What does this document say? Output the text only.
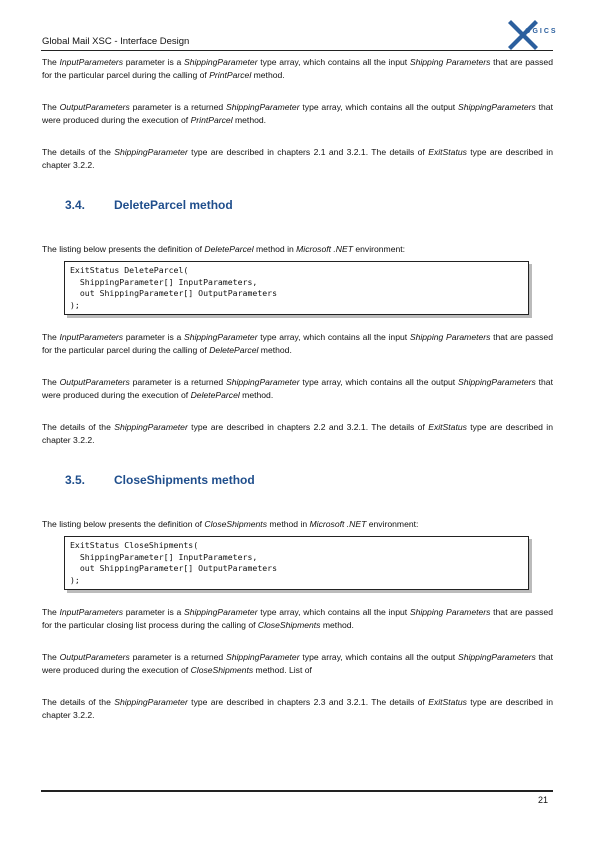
Global Mail XSC - Interface Design
OGICS
The InputParameters parameter is a ShippingParameter type array, which contains all the input Shipping Parameters that are passed for the particular parcel during the calling of PrintParcel method.
The OutputParameters parameter is a returned ShippingParameter type array, which contains all the output ShippingParameters that were produced during the execution of PrintParcel method.
The details of the ShippingParameter type are described in chapters 2.1 and 3.2.1. The details of ExitStatus type are described in chapter 3.2.2.
3.4. DeleteParcel method
The listing below presents the definition of DeleteParcel method in Microsoft .NET environment:
ExitStatus DeleteParcel(
ShippingParameter[] InputParameters,
out ShippingParameter[] OutputParameters
);
The InputParameters parameter is a ShippingParameter type array, which contains all the input Shipping Parameters that are passed for the particular parcel during the calling of DeleteParcel method.
The OutputParameters parameter is a returned ShippingParameter type array, which contains all the output ShippingParameters that were produced during the execution of DeleteParcel method.
The details of the ShippingParameter type are described in chapters 2.2 and 3.2.1. The details of ExitStatus type are described in chapter 3.2.2.
3.5. CloseShipments method
The listing below presents the definition of CloseShipments method in Microsoft .NET environment:
ExitStatus CloseShipments(
ShippingParameter[] InputParameters,
out ShippingParameter[] OutputParameters
);
The InputParameters parameter is a ShippingParameter type array, which contains all the input Shipping Parameters that are passed for the particular closing list process during the calling of CloseShipments method.
The OutputParameters parameter is a returned ShippingParameter type array, which contains all the output ShippingParameters that were produced during the execution of CloseShipments method. List of
The details of the ShippingParameter type are described in chapters 2.3 and 3.2.1. The details of ExitStatus type are described in chapter 3.2.2.
21
